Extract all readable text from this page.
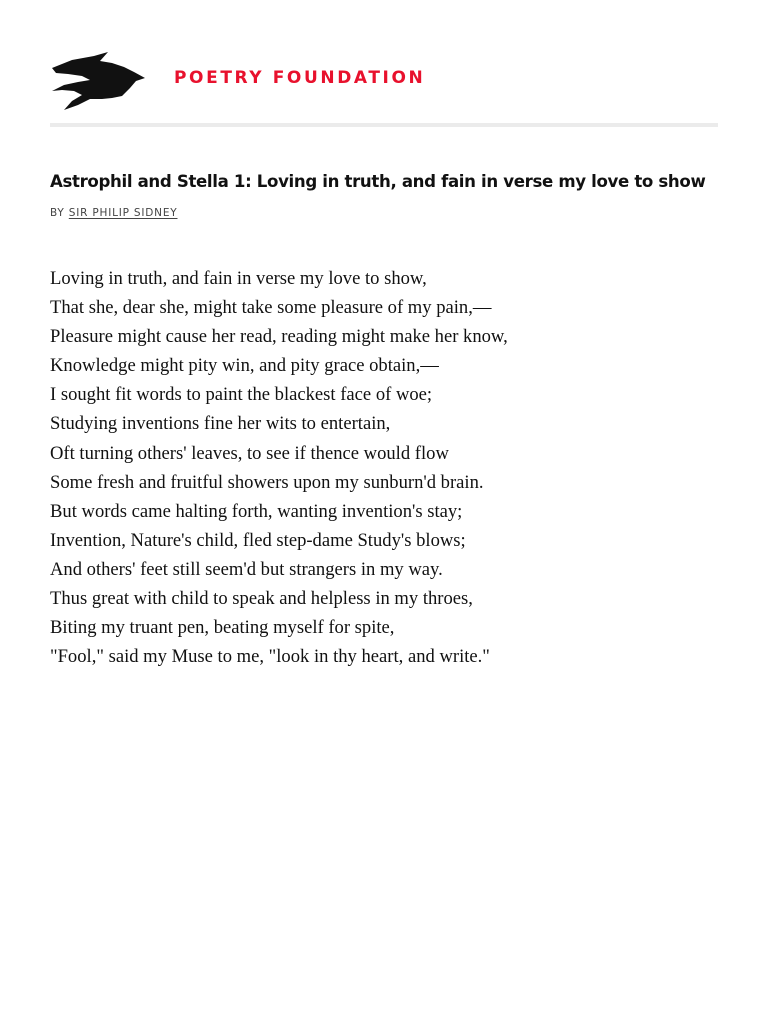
POETRY FOUNDATION
Astrophil and Stella 1: Loving in truth, and fain in verse my love to show
BY SIR PHILIP SIDNEY
Loving in truth, and fain in verse my love to show,
That she, dear she, might take some pleasure of my pain,—
Pleasure might cause her read, reading might make her know,
Knowledge might pity win, and pity grace obtain,—
I sought fit words to paint the blackest face of woe;
Studying inventions fine her wits to entertain,
Oft turning others' leaves, to see if thence would flow
Some fresh and fruitful showers upon my sunburn'd brain.
But words came halting forth, wanting invention's stay;
Invention, Nature's child, fled step-dame Study's blows;
And others' feet still seem'd but strangers in my way.
Thus great with child to speak and helpless in my throes,
Biting my truant pen, beating myself for spite,
"Fool," said my Muse to me, "look in thy heart, and write."
